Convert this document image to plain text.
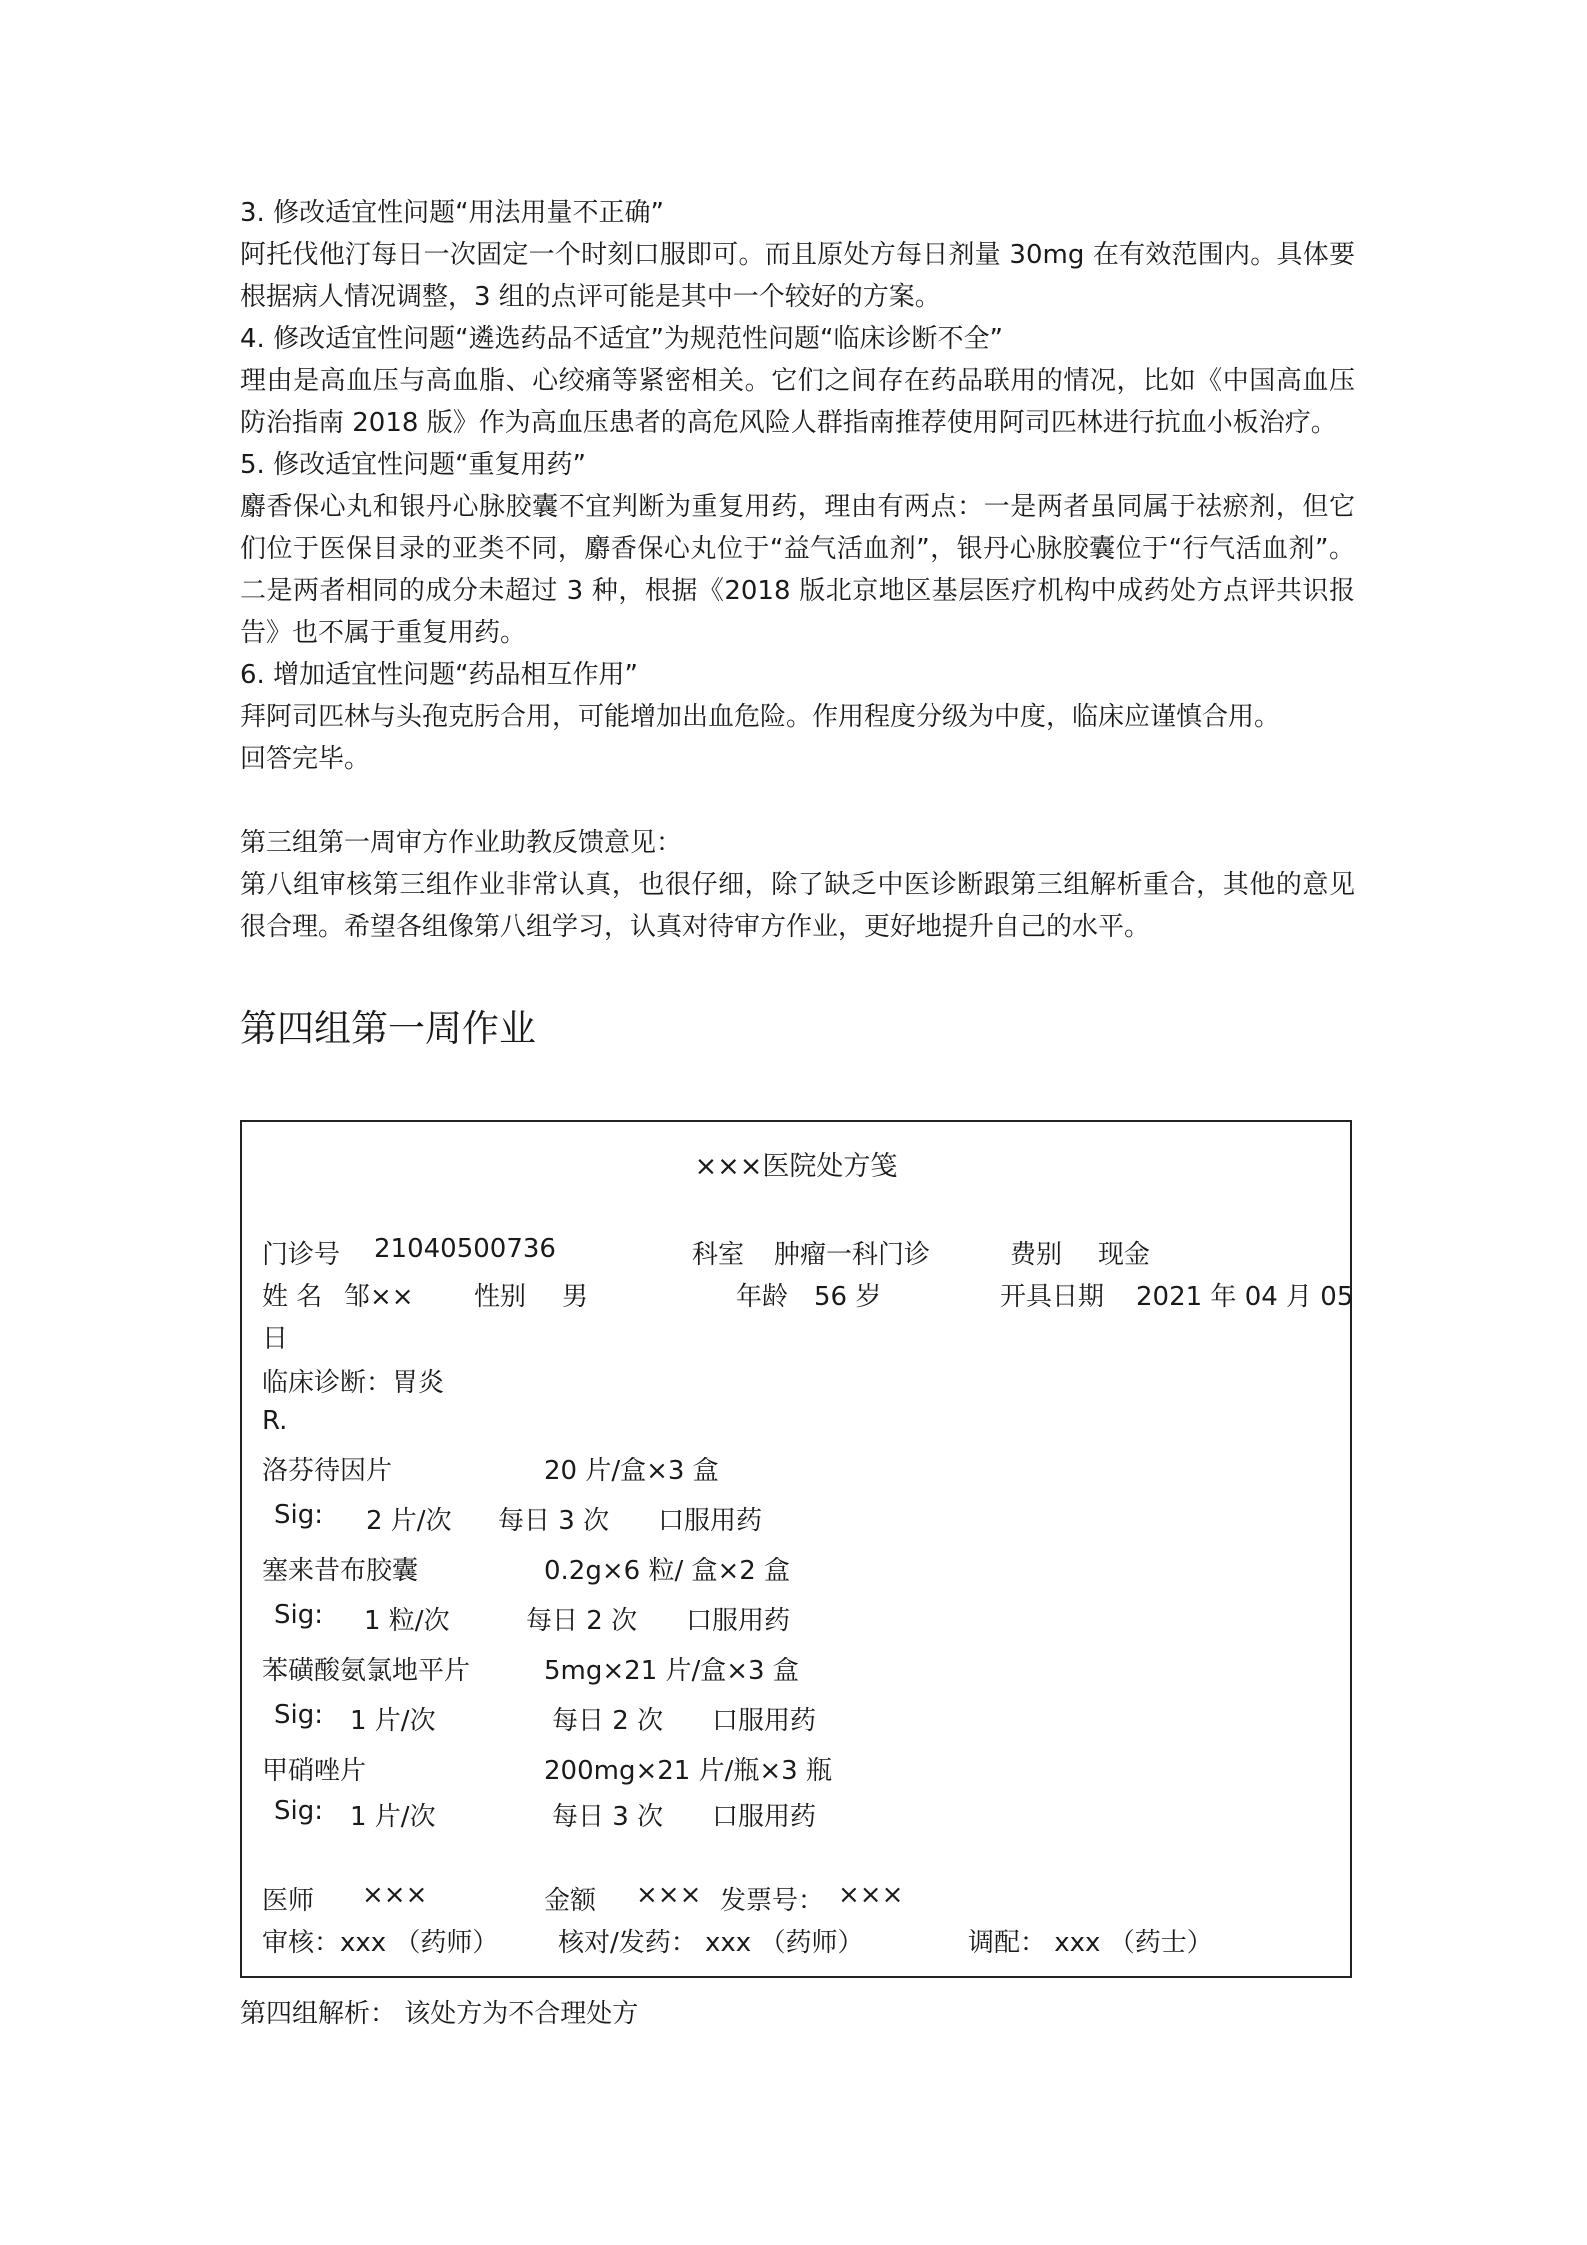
3. 修改适宜性问题“用法用量不正确”

阿托伐他汀每日一次固定一个时刻口服即可。而且原处方每日剂量 30mg 在有效范围内。具体要根据病人情况调整，3 组的点评可能是其中一个较好的方案。

4. 修改适宜性问题“遴选药品不适宜”为规范性问题“临床诊断不全”

理由是高血压与高血脂、心绞痛等紧密相关。它们之间存在药品联用的情况，比如《中国高血压防治指南 2018 版》作为高血压患者的高危风险人群指南推荐使用阿司匹林进行抗血小板治疗。

5. 修改适宜性问题“重复用药”

麝香保心丸和银丹心脉胶囊不宜判断为重复用药，理由有两点：一是两者虽同属于祛瘀剂，但它们位于医保目录的亚类不同，麝香保心丸位于“益气活血剂”，银丹心脉胶囊位于“行气活血剂”。二是两者相同的成分未超过 3 种，根据《2018 版北京地区基层医疗机构中成药处方点评共识报告》也不属于重复用药。

6. 增加适宜性问题“药品相互作用”

拜阿司匹林与头孢克肟合用，可能增加出血危险。作用程度分级为中度，临床应谨慎合用。

回答完毕。

第三组第一周审方作业助教反馈意见：

第八组审核第三组作业非常认真，也很仔细，除了缺乏中医诊断跟第三组解析重合，其他的意见很合理。希望各组像第八组学习，认真对待审方作业，更好地提升自己的水平。

第四组第一周作业
×××医院处方笺
门诊号 21040500736	科室 肿瘤一科门诊	费别 现金
姓 名 邹×× 性别 男	年龄 56 岁	开具日期 2021 年 04 月 05
日
临床诊断：胃炎
R.
洛芬待因片	20 片/盒×3 盒
Sig: 2 片/次 每日 3 次 口服用药
塞来昔布胶囊	0.2g×6 粒/ 盒×2 盒
Sig: 1 粒/次	每日 2 次 口服用药
苯磺酸氨氯地平片	5mg×21 片/盒×3 盒
Sig: 1 片/次	每日 2 次 口服用药
甲硝唑片	200mg×21 片/瓶×3 瓶
Sig: 1 片/次	每日 3 次 口服用药
医师 ×××	金额 ××× 发票号： ×××
审核：xxx （药师） 核对/发药： xxx （药师）	调配： xxx （药士）
第四组解析： 该处方为不合理处方
